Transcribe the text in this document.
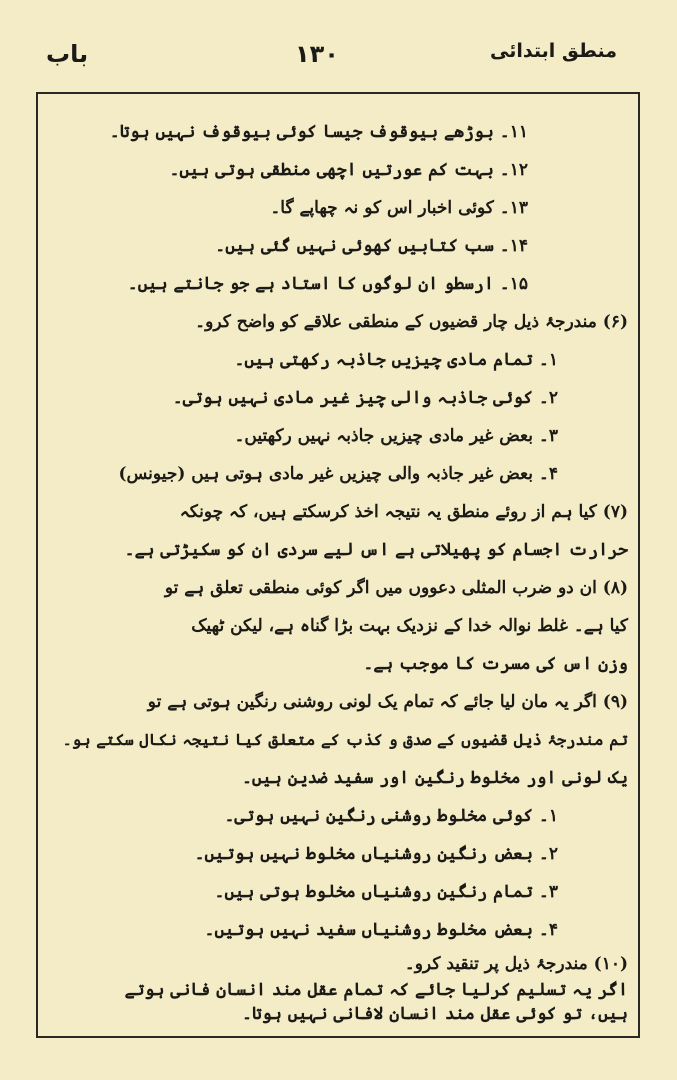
باب	۱۳۰	منطق ابتدائی
۱۱۔ بوڑھے بیوقوف جیسا کوئی بیوقوف نہیں ہوتا۔
۱۲۔ بہت کم عورتیں اچھی منطقی ہوتی ہیں۔
۱۳۔ کوئی اخبار اس کو نہ چھاپے گا۔
۱۴۔ سب کتابیں کھوئی نہیں گئی ہیں۔
۱۵۔ ارسطو ان لوگوں کا استاد ہے جو جانتے ہیں۔
(۶) مندرجۂ ذیل چار قضیوں کے منطقی علاقے کو واضح کرو۔
۱۔ تمام مادی چیزیں جاذبہ رکھتی ہیں۔
۲۔ کوئی جاذبہ والی چیز غیر مادی نہیں ہوتی۔
۳۔ بعض غیر مادی چیزیں جاذبہ نہیں رکھتیں۔
۴۔ بعض غیر جاذبہ والی چیزیں غیر مادی ہوتی ہیں (جیونس)
(۷) کیا ہم از روئے منطق یہ نتیجہ اخذ کرسکتے ہیں، کہ چونکہ
حرارت اجسام کو پھیلاتی ہے اس لیے سردی ان کو سکیڑتی ہے۔
(۸) ان دو ضرب المثلی دعووں میں اگر کوئی منطقی تعلق ہے تو
کیا ہے۔ غلط نوالہ خدا کے نزدیک بہت بڑا گناہ ہے، لیکن ٹھیک
وزن اس کی مسرت کا موجب ہے۔
(۹) اگر یہ مان لیا جائے کہ تمام یک لونی روشنی رنگین ہوتی ہے تو
تم مندرجۂ ذیل قضیوں کے صدق و کذب کے متعلق کیا نتیجہ نکال سکتے ہو۔
یک لونی اور مخلوط رنگین اور سفید ضدین ہیں۔
۱۔ کوئی مخلوط روشنی رنگین نہیں ہوتی۔
۲۔ بعض رنگین روشنیاں مخلوط نہیں ہوتیں۔
۳۔ تمام رنگین روشنیاں مخلوط ہوتی ہیں۔
۴۔ بعض مخلوط روشنیاں سفید نہیں ہوتیں۔
(۱۰) مندرجۂ ذیل پر تنقید کرو۔
اگر یہ تسلیم کرلیا جائے کہ تمام عقل مند انسان فانی ہوتے
ہیں، تو کوئی عقل مند انسان لافانی نہیں ہوتا۔
